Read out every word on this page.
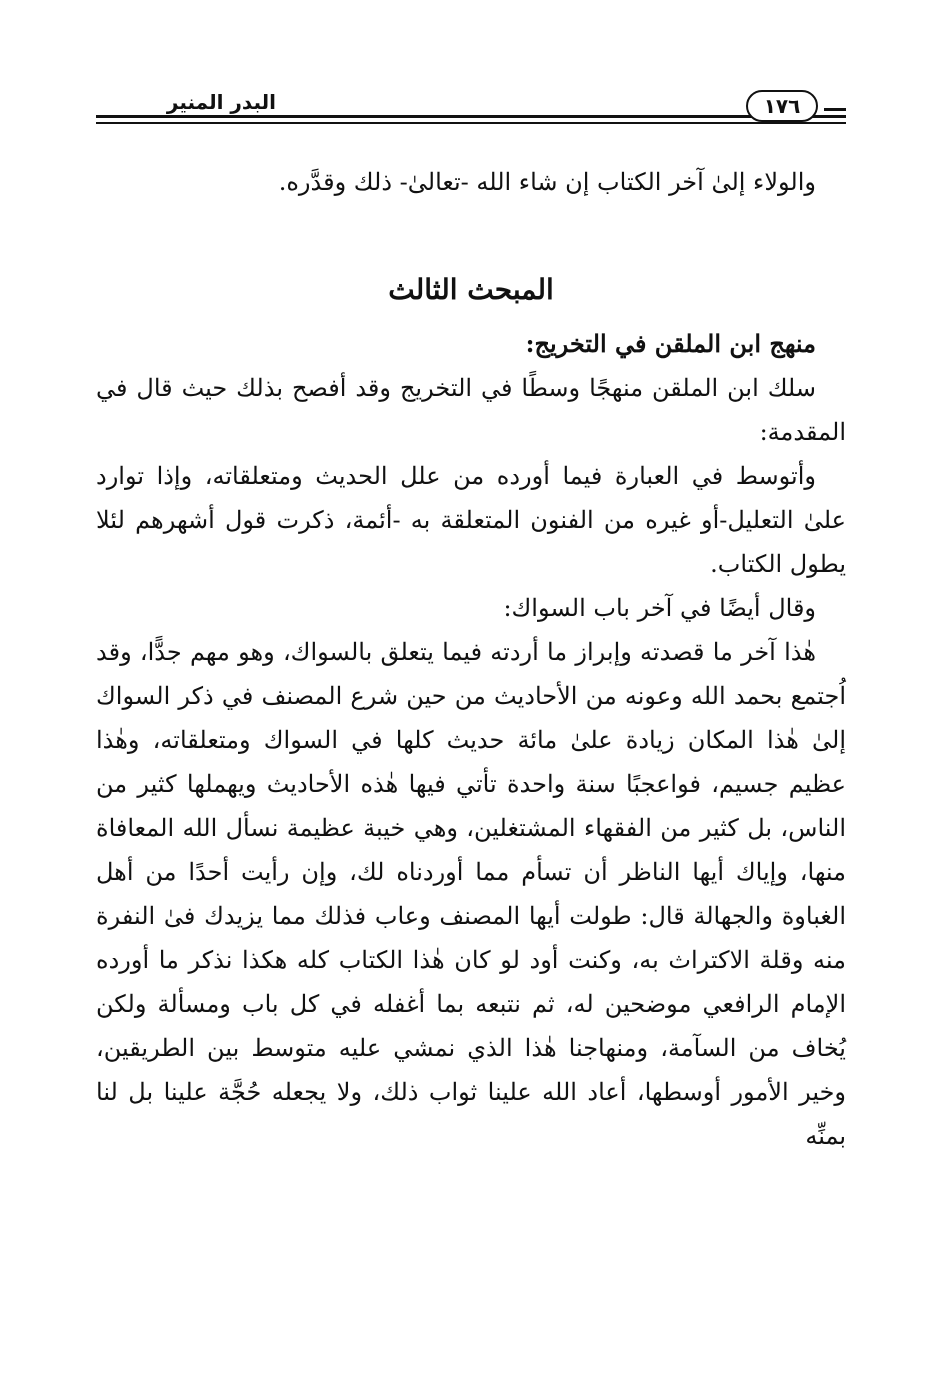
البدر المنير	١٧٦

والولاء إلىٰ آخر الكتاب إن شاء الله -تعالىٰ- ذلك وقدَّره.

المبحث الثالث

منهج ابن الملقن في التخريج:

سلك ابن الملقن منهجًا وسطًا في التخريج وقد أفصح بذلك حيث قال في المقدمة:

وأتوسط في العبارة فيما أورده من علل الحديث ومتعلقاته، وإذا توارد علىٰ التعليل-أو غيره من الفنون المتعلقة به -أئمة، ذكرت قول أشهرهم لئلا يطول الكتاب.

وقال أيضًا في آخر باب السواك:

هٰذا آخر ما قصدته وإبراز ما أردته فيما يتعلق بالسواك، وهو مهم جدًّا، وقد اُجتمع بحمد الله وعونه من الأحاديث من حين شرع المصنف في ذكر السواك إلىٰ هٰذا المكان زيادة علىٰ مائة حديث كلها في السواك ومتعلقاته، وهٰذا عظيم جسيم، فواعجبًا سنة واحدة تأتي فيها هٰذه الأحاديث ويهملها كثير من الناس، بل كثير من الفقهاء المشتغلين، وهي خيبة عظيمة نسأل الله المعافاة منها، وإياك أيها الناظر أن تسأم مما أوردناه لك، وإن رأيت أحدًا من أهل الغباوة والجهالة قال: طولت أيها المصنف وعاب فذلك مما يزيدك فىٰ النفرة منه وقلة الاكتراث به، وكنت أود لو كان هٰذا الكتاب كله هكذا نذكر ما أورده الإمام الرافعي موضحين له، ثم نتبعه بما أغفله في كل باب ومسألة ولكن يُخاف من السآمة، ومنهاجنا هٰذا الذي نمشي عليه متوسط بين الطريقين، وخير الأمور أوسطها، أعاد الله علينا ثواب ذلك، ولا يجعله حُجَّة علينا بل لنا بمنِّه
